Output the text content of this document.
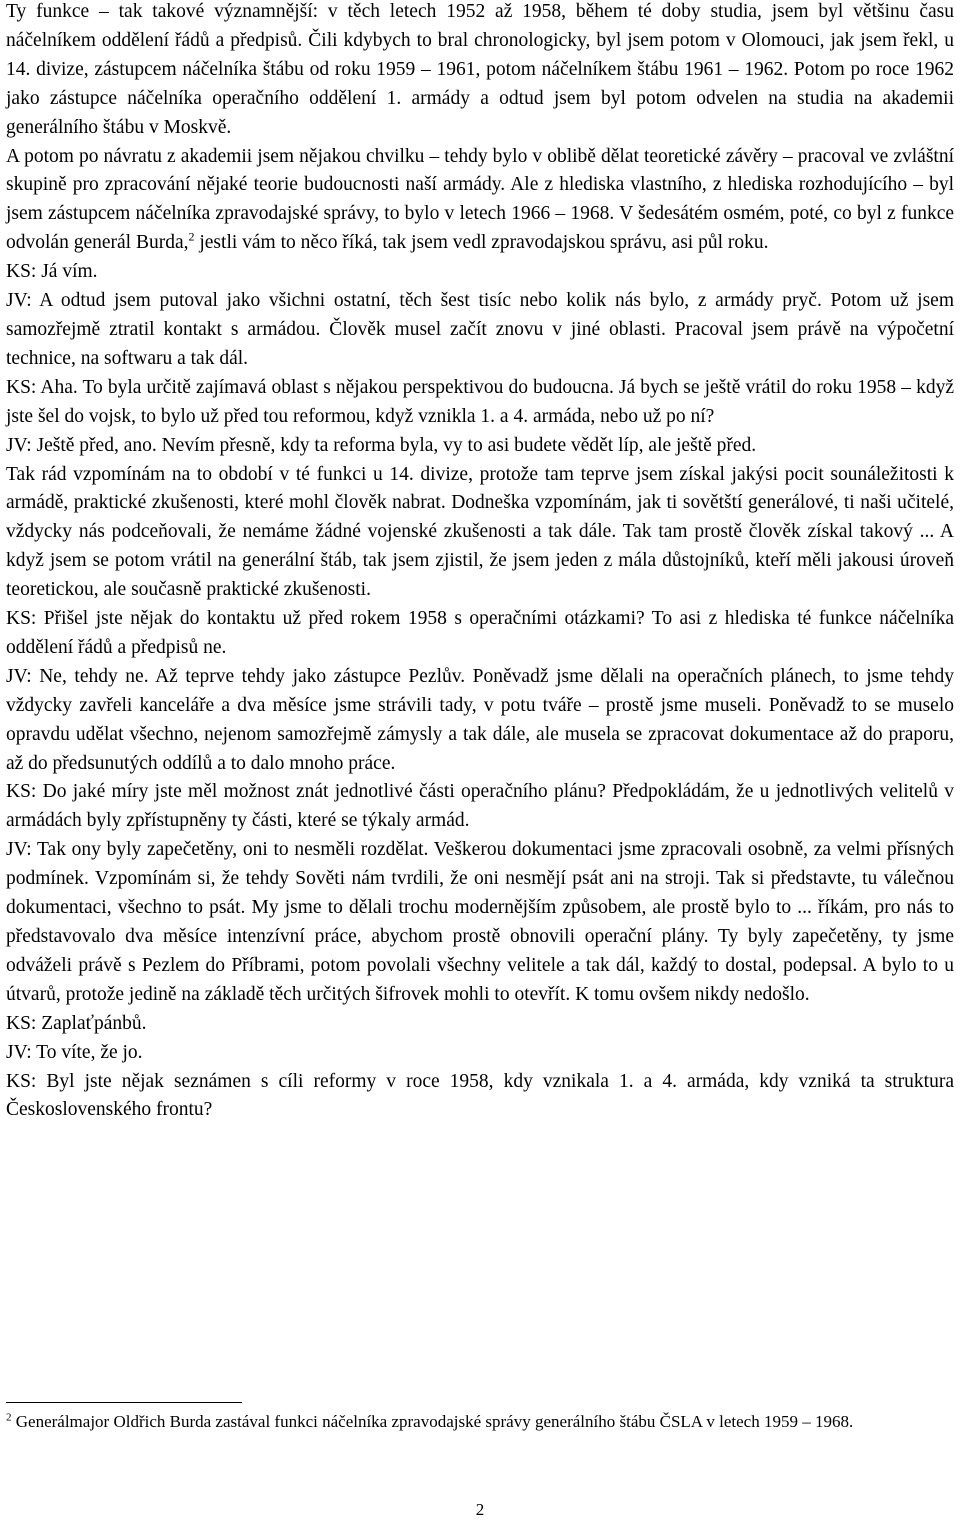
Ty funkce – tak takové významnější: v těch letech 1952 až 1958, během té doby studia, jsem byl většinu času náčelníkem oddělení řádů a předpisů. Čili kdybych to bral chronologicky, byl jsem potom v Olomouci, jak jsem řekl, u 14. divize, zástupcem náčelníka štábu od roku 1959 – 1961, potom náčelníkem štábu 1961 – 1962. Potom po roce 1962 jako zástupce náčelníka operačního oddělení 1. armády a odtud jsem byl potom odvelen na studia na akademii generálního štábu v Moskvě.

A potom po návratu z akademii jsem nějakou chvilku – tehdy bylo v oblibě dělat teoretické závěry – pracoval ve zvláštní skupině pro zpracování nějaké teorie budoucnosti naší armády. Ale z hlediska vlastního, z hlediska rozhodujícího – byl jsem zástupcem náčelníka zpravodajské správy, to bylo v letech 1966 – 1968. V šedesátém osmém, poté, co byl z funkce odvolán generál Burda,$^2$ jestli vám to něco říká, tak jsem vedl zpravodajskou správu, asi půl roku.

KS: Já vím.

JV: A odtud jsem putoval jako všichni ostatní, těch šest tisíc nebo kolik nás bylo, z armády pryč. Potom už jsem samozřejmě ztratil kontakt s armádou. Člověk musel začít znovu v jiné oblasti. Pracoval jsem právě na výpočetní technice, na softwaru a tak dál.

KS: Aha. To byla určitě zajímavá oblast s nějakou perspektivou do budoucna. Já bych se ještě vrátil do roku 1958 – když jste šel do vojsk, to bylo už před tou reformou, když vznikla 1. a 4. armáda, nebo už po ní?

JV: Ještě před, ano. Nevím přesně, kdy ta reforma byla, vy to asi budete vědět líp, ale ještě před.

Tak rád vzpomínám na to období v té funkci u 14. divize, protože tam teprve jsem získal jakýsi pocit sounáležitosti k armádě, praktické zkušenosti, které mohl člověk nabrat. Dodneška vzpomínám, jak ti sovětští generálové, ti naši učitelé, vždycky nás podceňovali, že nemáme žádné vojenské zkušenosti a tak dále. Tak tam prostě člověk získal takový ... A když jsem se potom vrátil na generální štáb, tak jsem zjistil, že jsem jeden z mála důstojníků, kteří měli jakousi úroveň teoretickou, ale současně praktické zkušenosti.

KS: Přišel jste nějak do kontaktu už před rokem 1958 s operačními otázkami? To asi z hlediska té funkce náčelníka oddělení řádů a předpisů ne.

JV: Ne, tehdy ne. Až teprve tehdy jako zástupce Pezlův. Poněvadž jsme dělali na operačních plánech, to jsme tehdy vždycky zavřeli kanceláře a dva měsíce jsme strávili tady, v potu tváře – prostě jsme museli. Poněvadž to se muselo opravdu udělat všechno, nejenom samozřejmě zámysly a tak dále, ale musela se zpracovat dokumentace až do praporu, až do předsunutých oddílů a to dalo mnoho práce.

KS: Do jaké míry jste měl možnost znát jednotlivé části operačního plánu? Předpokládám, že u jednotlivých velitelů v armádách byly zpřístupněny ty části, které se týkaly armád.

JV: Tak ony byly zapečetěny, oni to nesměli rozdělat. Veškerou dokumentaci jsme zpracovali osobně, za velmi přísných podmínek. Vzpomínám si, že tehdy Sověti nám tvrdili, že oni nesmějí psát ani na stroji. Tak si představte, tu válečnou dokumentaci, všechno to psát. My jsme to dělali trochu modernějším způsobem, ale prostě bylo to ... říkám, pro nás to představovalo dva měsíce intenzívní práce, abychom prostě obnovili operační plány. Ty byly zapečetěny, ty jsme odváželi právě s Pezlem do Příbrami, potom povolali všechny velitele a tak dál, každý to dostal, podepsal. A bylo to u útvarů, protože jedině na základě těch určitých šifrovek mohli to otevřít. K tomu ovšem nikdy nedošlo.

KS: Zaplaťpánbů.

JV: To víte, že jo.

KS: Byl jste nějak seznámen s cíli reformy v roce 1958, kdy vznikala 1. a 4. armáda, kdy vzniká ta struktura Československého frontu?

$^2$ Generálmajor Oldřich Burda zastával funkci náčelníka zpravodajské správy generálního štábu ČSLA v letech 1959 – 1968.
2
